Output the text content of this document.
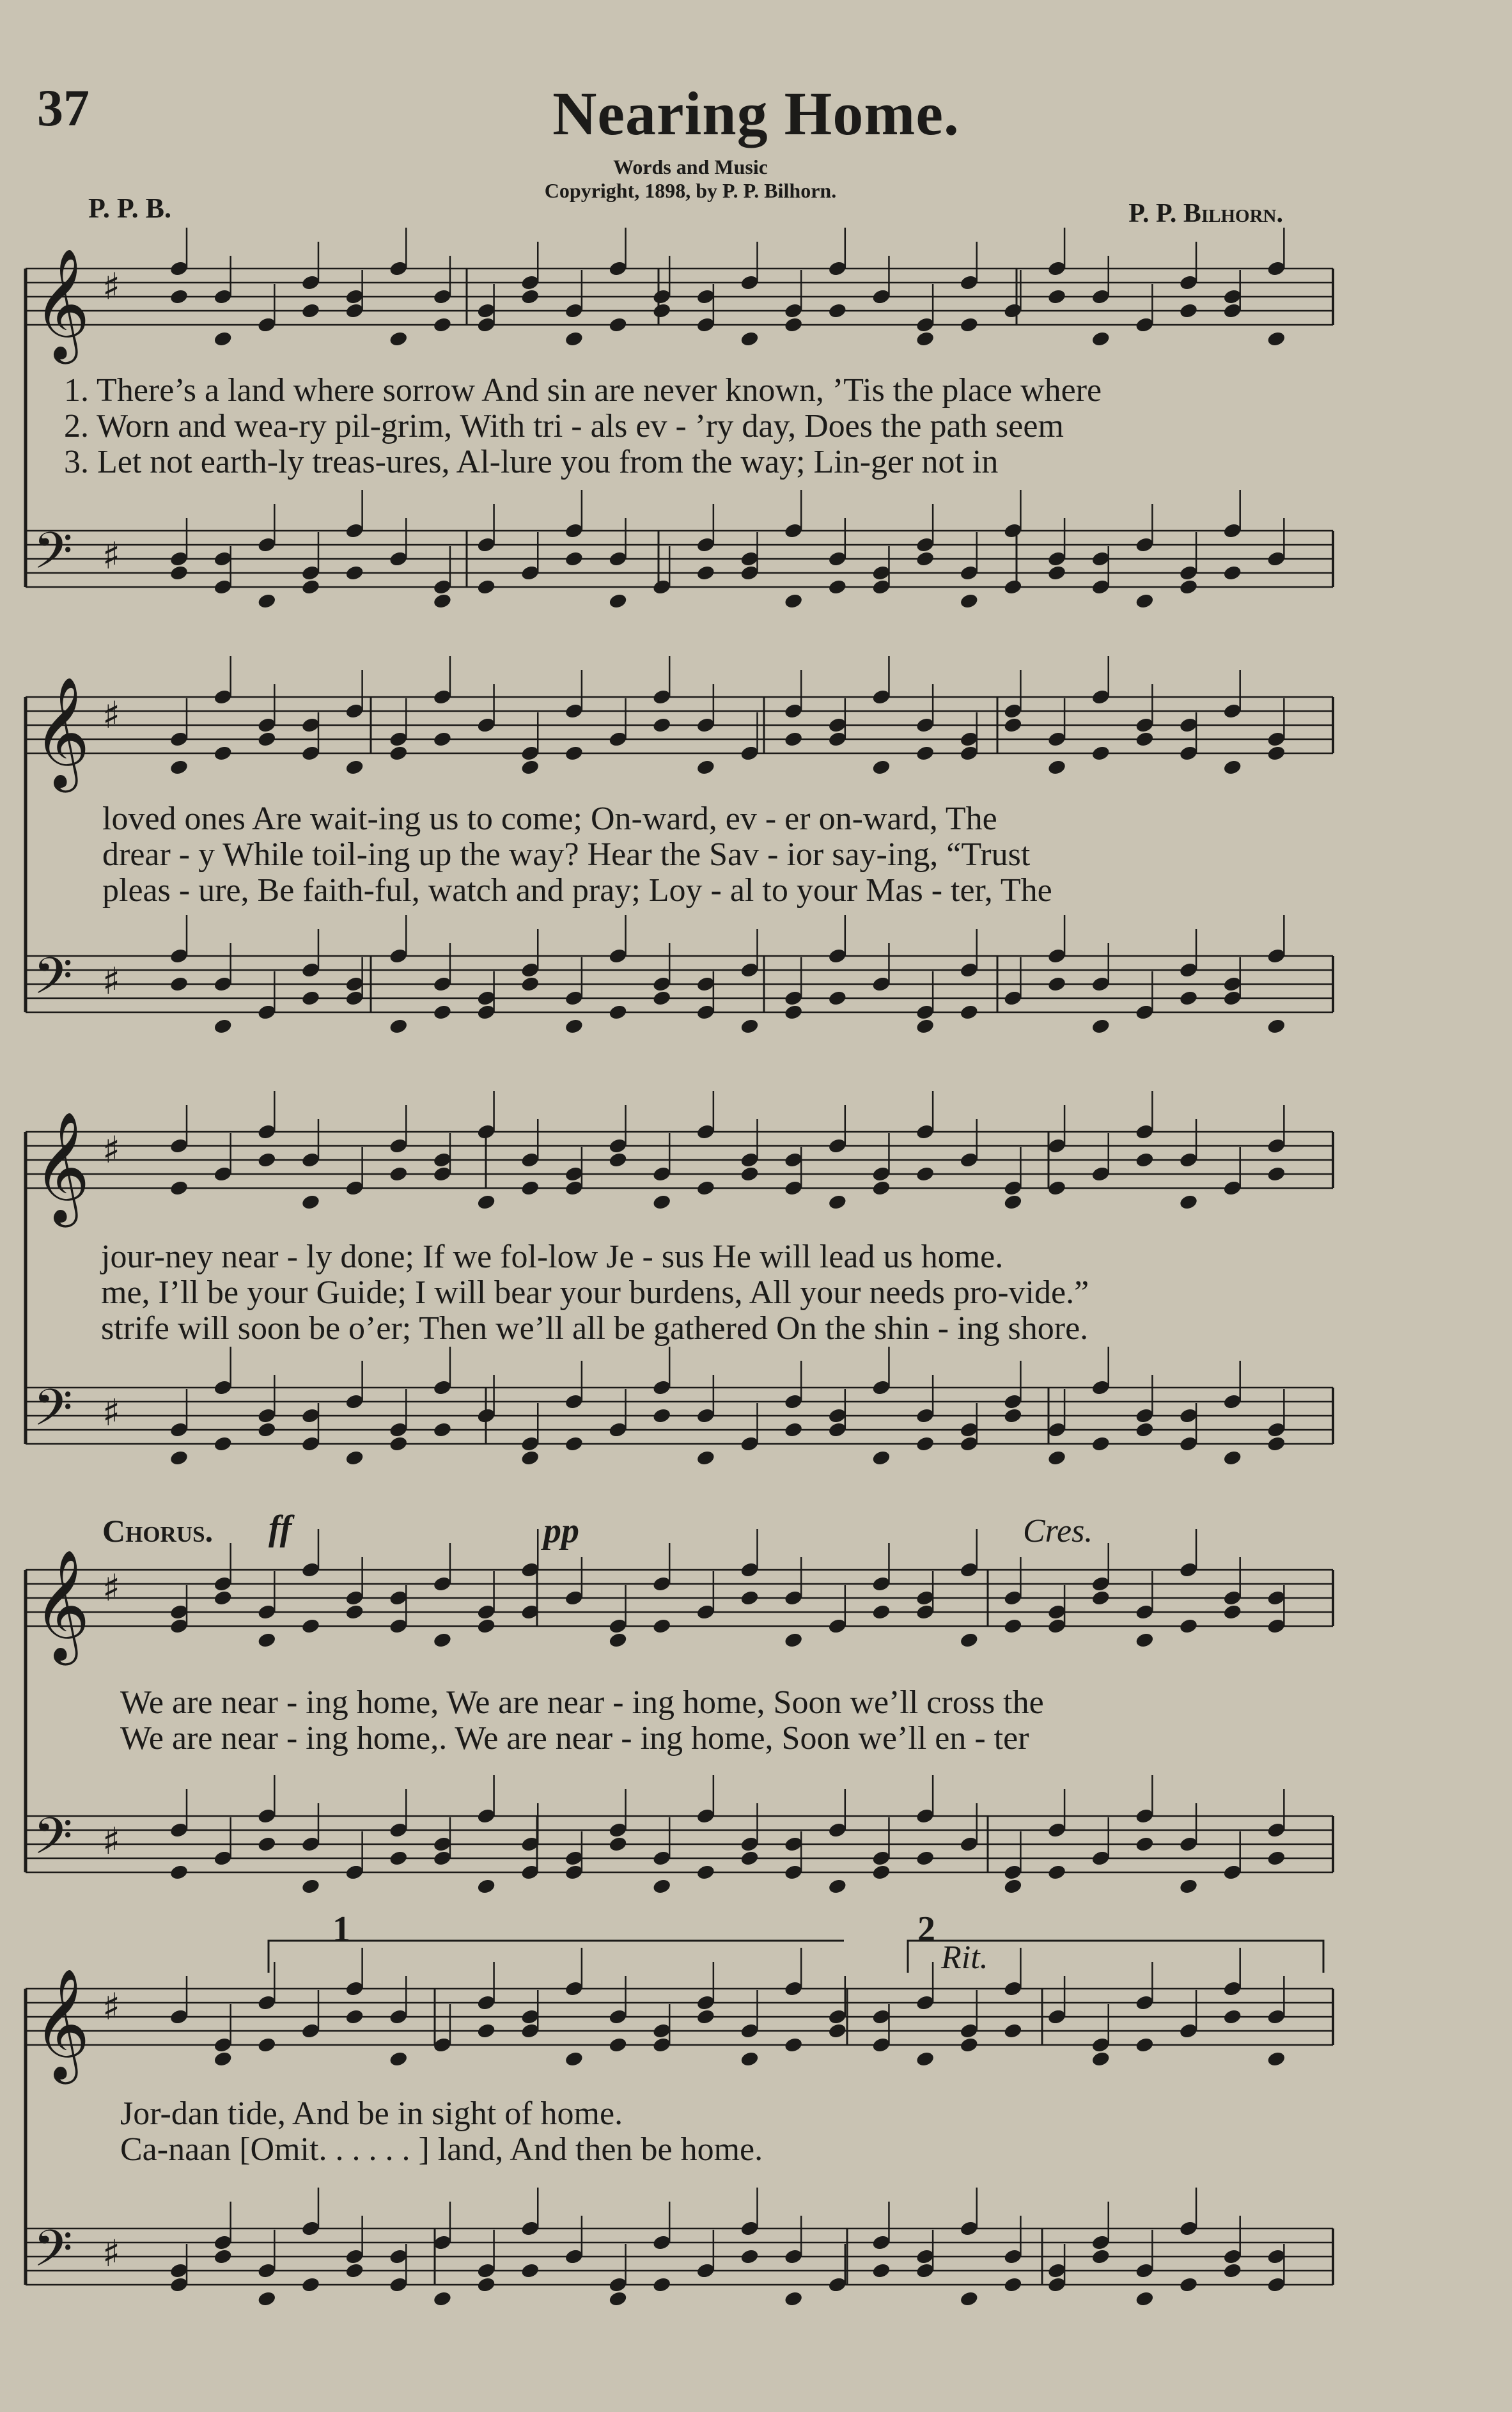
37	Nearing Home.
Words and Music
Copyright, 1898, by P. P. Bilhorn.
P. P. B.	P. P. Bilhorn.
𝄞 ♯
𝄢 ♯
𝄞 ♯
𝄢 ♯
𝄞 ♯
𝄢 ♯
𝄞 ♯
𝄢 ♯
𝄞 ♯
𝄢 ♯
1. There’s a land where sorrow And sin are never known, ’Tis the place where
2. Worn and wea-ry pil-grim, With tri - als ev - ’ry day, Does the path seem
3. Let not earth-ly treas-ures, Al-lure you from the way; Lin-ger not in
loved ones Are wait-ing us to come; On-ward, ev - er on-ward, The
drear - y While toil-ing up the way? Hear the Sav - ior say-ing, “Trust
pleas - ure, Be faith-ful, watch and pray; Loy - al to your Mas - ter, The
jour-ney near - ly done; If we fol-low Je - sus He will lead us home.
me, I’ll be your Guide; I will bear your burdens, All your needs pro-vide.”
strife will soon be o’er; Then we’ll all be gathered On the shin - ing shore.
Chorus. ff	pp	Cres.
We are near - ing home, We are near - ing home, Soon we’ll cross the
We are near - ing home,. We are near - ing home, Soon we’ll en - ter
1	2
Rit.
Jor-dan tide, And be in sight of home.
Ca-naan [Omit. . . . . . ] land, And then be home.
